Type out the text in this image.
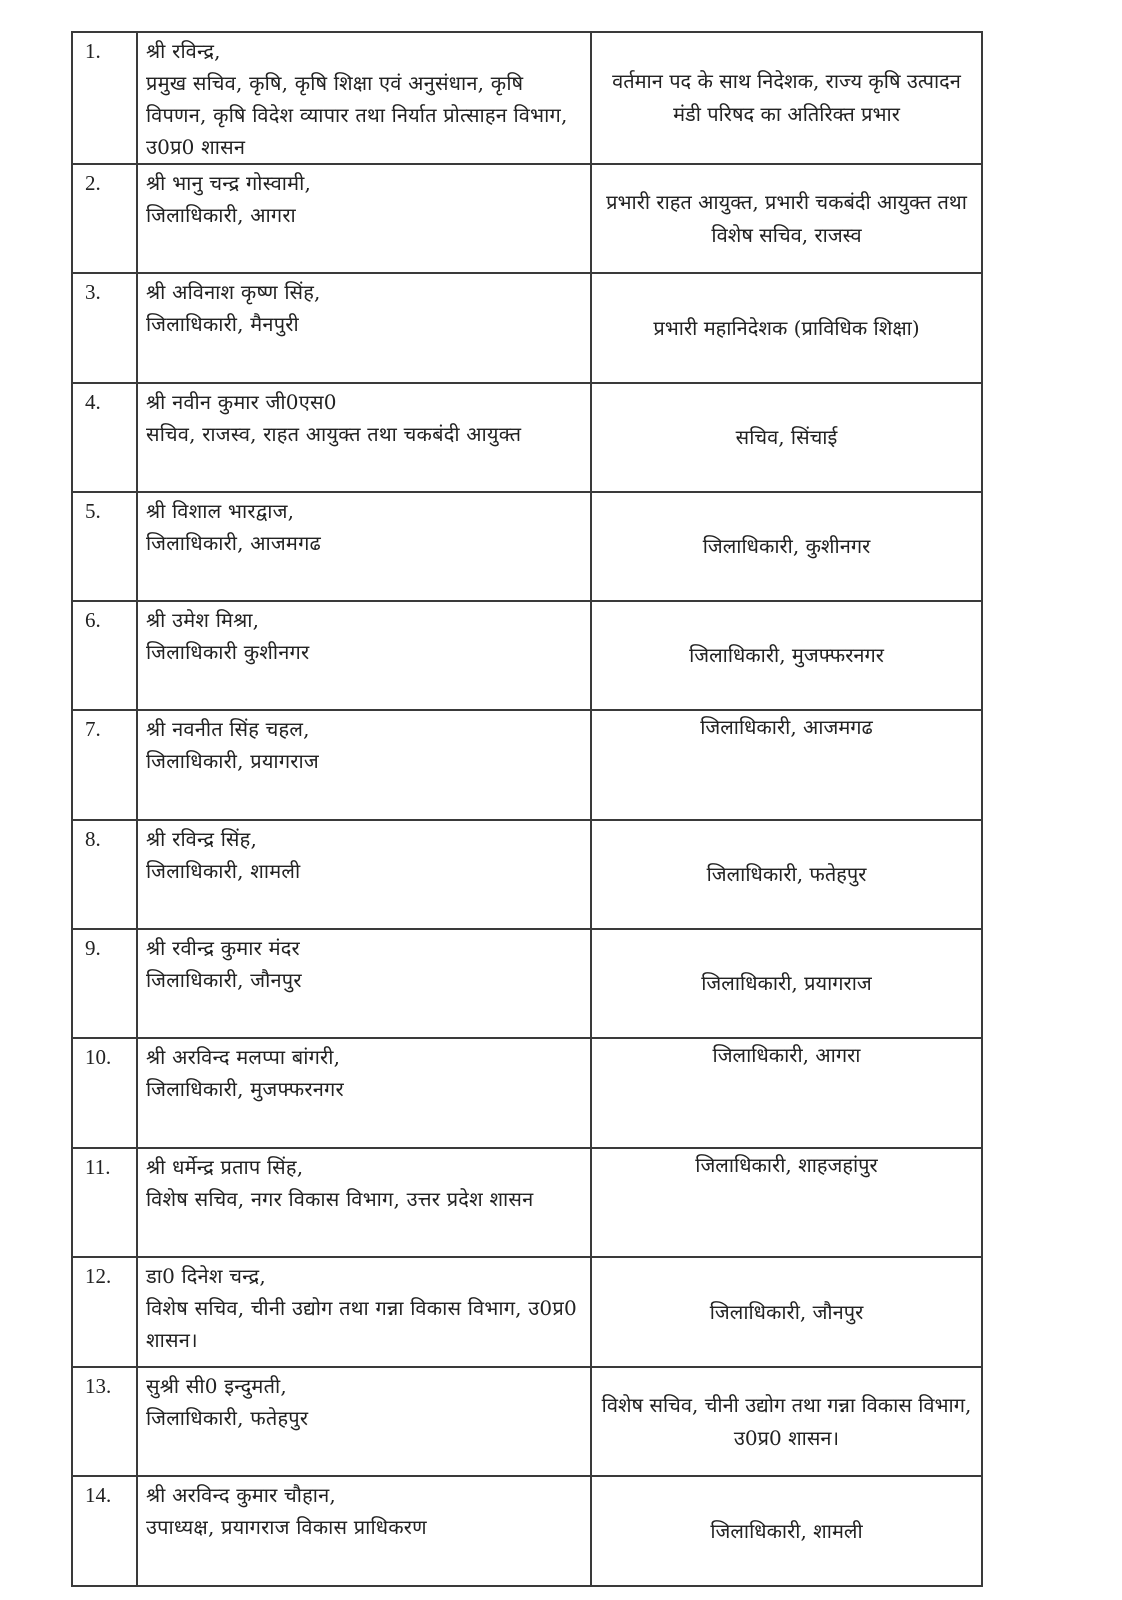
1.	श्री रविन्द्र,
प्रमुख सचिव, कृषि, कृषि शिक्षा एवं अनुसंधान, कृषि विपणन, कृषि विदेश व्यापार तथा निर्यात प्रोत्साहन विभाग, उ0प्र0 शासन	वर्तमान पद के साथ निदेशक, राज्य कृषि उत्पादन मंडी परिषद का अतिरिक्त प्रभार
2.	श्री भानु चन्द्र गोस्वामी,
जिलाधिकारी, आगरा	प्रभारी राहत आयुक्त, प्रभारी चकबंदी आयुक्त तथा विशेष सचिव, राजस्व
3.	श्री अविनाश कृष्ण सिंह,
जिलाधिकारी, मैनपुरी	प्रभारी महानिदेशक (प्राविधिक शिक्षा)
4.	श्री नवीन कुमार जी0एस0
सचिव, राजस्व, राहत आयुक्त तथा चकबंदी आयुक्त	सचिव, सिंचाई
5.	श्री विशाल भारद्वाज,
जिलाधिकारी, आजमगढ	जिलाधिकारी, कुशीनगर
6.	श्री उमेश मिश्रा,
जिलाधिकारी कुशीनगर	जिलाधिकारी, मुजफ्फरनगर
7.	श्री नवनीत सिंह चहल,
जिलाधिकारी, प्रयागराज	जिलाधिकारी, आजमगढ
8.	श्री रविन्द्र सिंह,
जिलाधिकारी, शामली	जिलाधिकारी, फतेहपुर
9.	श्री रवीन्द्र कुमार मंदर
जिलाधिकारी, जौनपुर	जिलाधिकारी, प्रयागराज
10.	श्री अरविन्द मलप्पा बांगरी,
जिलाधिकारी, मुजफ्फरनगर	जिलाधिकारी, आगरा
11.	श्री धर्मेन्द्र प्रताप सिंह,
विशेष सचिव, नगर विकास विभाग, उत्तर प्रदेश शासन	जिलाधिकारी, शाहजहांपुर
12.	डा0 दिनेश चन्द्र,
विशेष सचिव, चीनी उद्योग तथा गन्ना विकास विभाग, उ0प्र0 शासन।	जिलाधिकारी, जौनपुर
13.	सुश्री सी0 इन्दुमती,
जिलाधिकारी, फतेहपुर	विशेष सचिव, चीनी उद्योग तथा गन्ना विकास विभाग, उ0प्र0 शासन।
14.	श्री अरविन्द कुमार चौहान,
उपाध्यक्ष, प्रयागराज विकास प्राधिकरण	जिलाधिकारी, शामली
